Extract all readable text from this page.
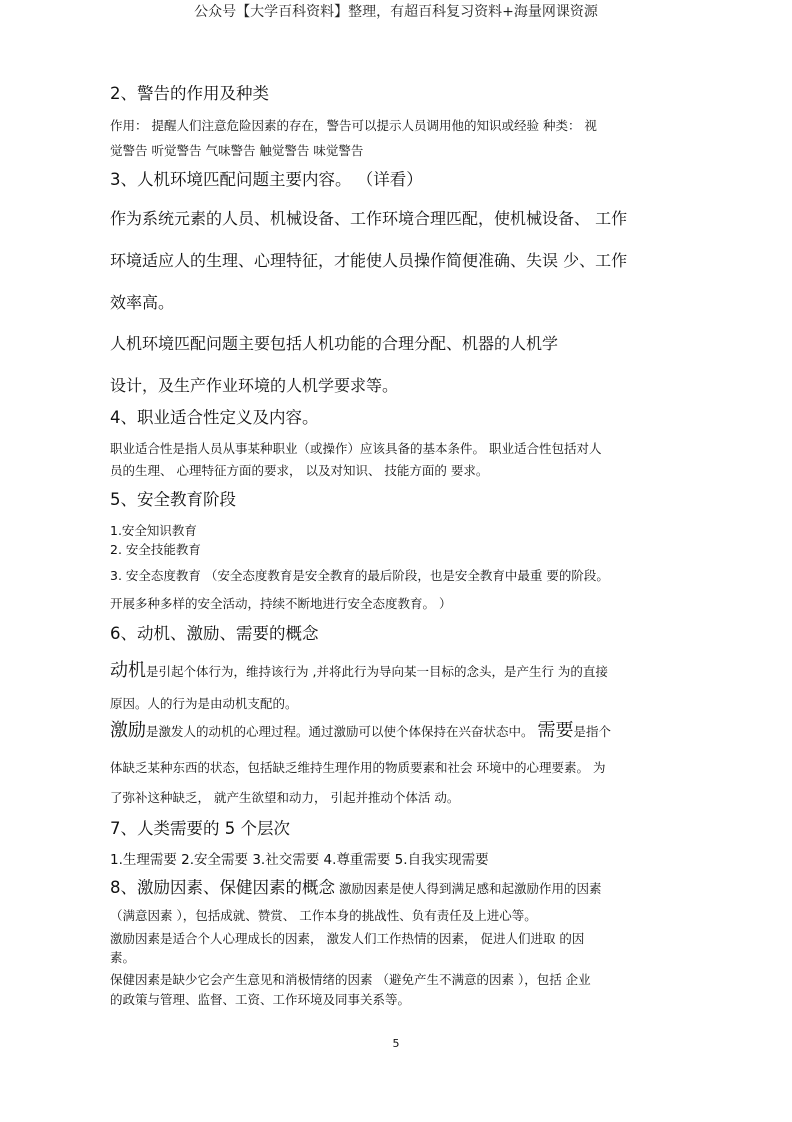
公众号【大学百科资料】整理，有超百科复习资料+海量网课资源
2、警告的作用及种类
作用： 提醒人们注意危险因素的存在，警告可以提示人员调用他的知识或经验 种类： 视
觉警告 听觉警告 气味警告 触觉警告 味觉警告
3、人机环境匹配问题主要内容。 （详看）
作为系统元素的人员、机械设备、工作环境合理匹配，使机械设备、 工作
环境适应人的生理、心理特征，才能使人员操作简便准确、失误 少、工作
效率高。
人机环境匹配问题主要包括人机功能的合理分配、机器的人机学
设计，及生产作业环境的人机学要求等。
4、职业适合性定义及内容。
职业适合性是指人员从事某种职业（或操作）应该具备的基本条件。 职业适合性包括对人
员的生理、 心理特征方面的要求， 以及对知识、 技能方面的 要求。
5、安全教育阶段
1.安全知识教育
2. 安全技能教育
3. 安全态度教育 （安全态度教育是安全教育的最后阶段，也是安全教育中最重 要的阶段。
开展多种多样的安全活动，持续不断地进行安全态度教育。 ）
6、动机、激励、需要的概念
动机是引起个体行为，维持该行为 ,并将此行为导向某一目标的念头，是产生行 为的直接
原因。人的行为是由动机支配的。
激励是激发人的动机的心理过程。通过激励可以使个体保持在兴奋状态中。 需要是指个
体缺乏某种东西的状态，包括缺乏维持生理作用的物质要素和社会 环境中的心理要素。 为
了弥补这种缺乏， 就产生欲望和动力， 引起并推动个体活 动。
7、人类需要的 5 个层次
1.生理需要 2.安全需要 3.社交需要 4.尊重需要 5.自我实现需要
8、激励因素、保健因素的概念 激励因素是使人得到满足感和起激励作用的因素
（满意因素 ），包括成就、赞赏、 工作本身的挑战性、负有责任及上进心等。
激励因素是适合个人心理成长的因素， 激发人们工作热情的因素， 促进人们进取 的因
素。
保健因素是缺少它会产生意见和消极情绪的因素 （避免产生不满意的因素 ），包括 企业
的政策与管理、监督、工资、工作环境及同事关系等。
5
